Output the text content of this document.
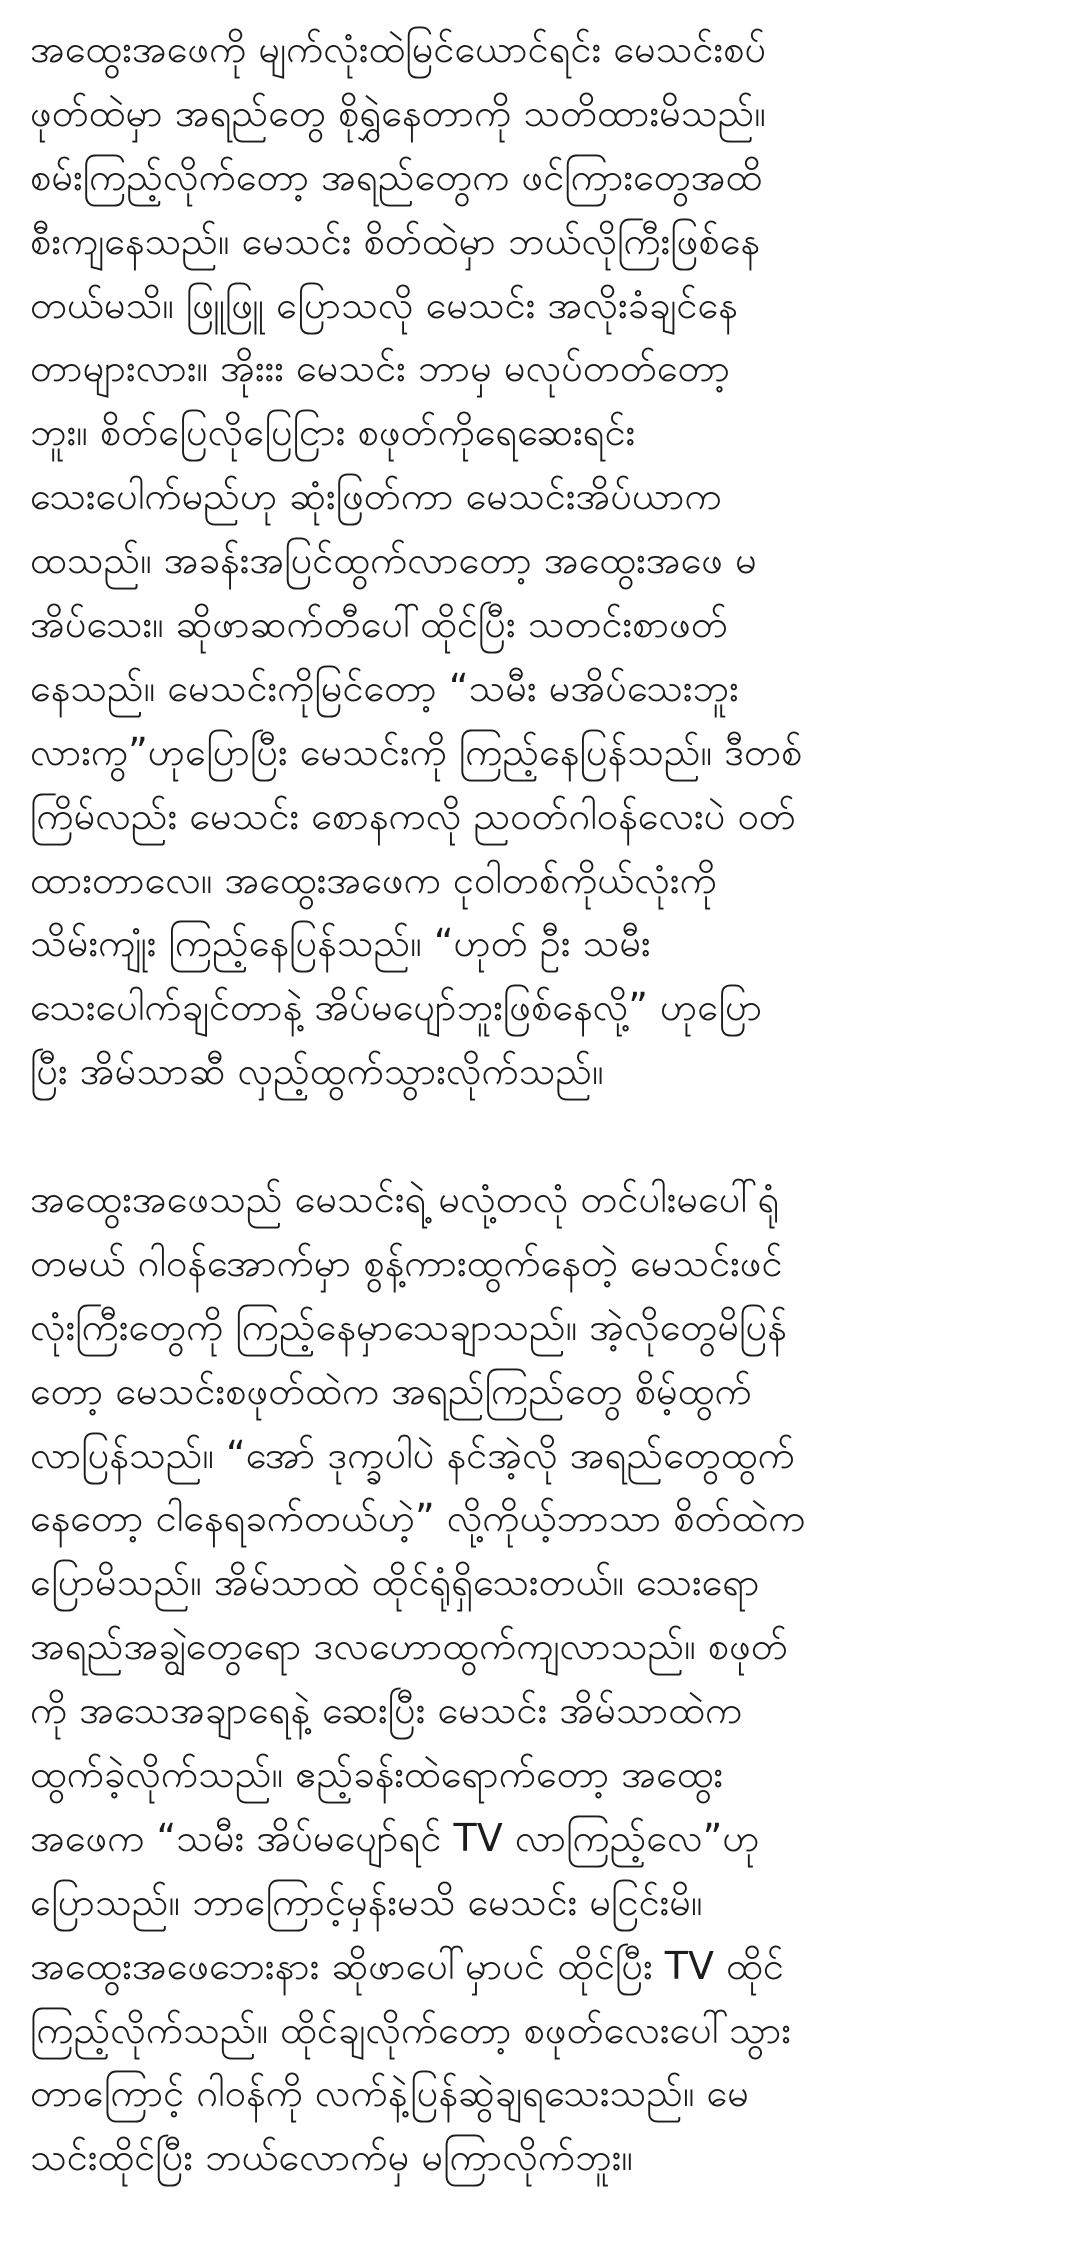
အထွေးအဖေကို မျက်လုံးထဲမြင်ယောင်ရင်း မေသင်းစပ်
ဖုတ်ထဲမှာ အရည်တွေ စိုရွှဲနေတာကို သတိထားမိသည်။
စမ်းကြည့်လိုက်တော့ အရည်တွေက ဖင်ကြားတွေအထိ
စီးကျနေသည်။ မေသင်း စိတ်ထဲမှာ ဘယ်လိုကြီးဖြစ်နေ
တယ်မသိ။ ဖြူဖြူ ပြောသလို မေသင်း အလိုးခံချင်နေ
တာများလား။ အိုးးး မေသင်း ဘာမှ မလုပ်တတ်တော့
ဘူး။ စိတ်ပြေလိုပြေငြား စဖုတ်ကိုရေဆေးရင်း
သေးပေါက်မည်ဟု ဆုံးဖြတ်ကာ မေသင်းအိပ်ယာက
ထသည်။ အခန်းအပြင်ထွက်လာတော့ အထွေးအဖေ မ
အိပ်သေး။ ဆိုဖာဆက်တီပေါ်ထိုင်ပြီး သတင်းစာဖတ်
နေသည်။ မေသင်းကိုမြင်တော့ “သမီး မအိပ်သေးဘူး
လားကွ”ဟုပြောပြီး မေသင်းကို ကြည့်နေပြန်သည်။ ဒီတစ်
ကြိမ်လည်း မေသင်း စောနကလို ညဝတ်ဂါဝန်လေးပဲ ဝတ်
ထားတာလေ။ အထွေးအဖေက ငုဝါတစ်ကိုယ်လုံးကို
သိမ်းကျုံး ကြည့်နေပြန်သည်။ “ဟုတ် ဦး သမီး
သေးပေါက်ချင်တာနဲ့ အိပ်မပျော်ဘူးဖြစ်နေလို့” ဟုပြော
ပြီး အိမ်သာဆီ လှည့်ထွက်သွားလိုက်သည်။
အထွေးအဖေသည် မေသင်းရဲ့ မလုံ့တလုံ တင်ပါးမပေါ်ရုံ
တမယ် ဂါဝန်အောက်မှာ စွန့်ကားထွက်နေတဲ့ မေသင်းဖင်
လုံးကြီးတွေကို ကြည့်နေမှာသေချာသည်။ အဲ့လိုတွေမိပြန်
တော့ မေသင်းစဖုတ်ထဲက အရည်ကြည်တွေ စိမ့်ထွက်
လာပြန်သည်။ “အော် ဒုက္ခပါပဲ နင်အဲ့လို အရည်တွေထွက်
နေတော့ ငါနေရခက်တယ်ဟဲ့” လို့ကိုယ့်ဘာသာ စိတ်ထဲက
ပြောမိသည်။ အိမ်သာထဲ ထိုင်ရုံရှိသေးတယ်။ သေးရော
အရည်အချွဲတွေရော ဒလဟောထွက်ကျလာသည်။ စဖုတ်
ကို အသေအချာရေနဲ့ ဆေးပြီး မေသင်း အိမ်သာထဲက
ထွက်ခဲ့လိုက်သည်။ ဧည့်ခန်းထဲရောက်တော့ အထွေး
အဖေက “သမီး အိပ်မပျော်ရင် TV လာကြည့်လေ”ဟု
ပြောသည်။ ဘာကြောင့်မှန်းမသိ မေသင်း မငြင်းမိ။
အထွေးအဖေဘေးနား ဆိုဖာပေါ်မှာပင် ထိုင်ပြီး TV ထိုင်
ကြည့်လိုက်သည်။ ထိုင်ချလိုက်တော့ စဖုတ်လေးပေါ်သွား
တာကြောင့် ဂါဝန်ကို လက်နဲ့ပြန်ဆွဲချရသေးသည်။ မေ
သင်းထိုင်ပြီး ဘယ်လောက်မှ မကြာလိုက်ဘူး။
